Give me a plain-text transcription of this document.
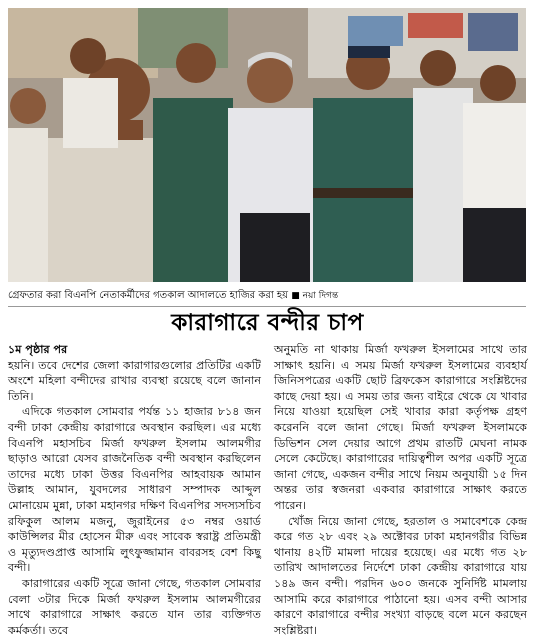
গ্রেফতার করা বিএনপি নেতাকর্মীদের গতকাল আদালতে হাজির করা হয় ■ নয়া দিগন্ত
কারাগারে বন্দীর চাপ

১ম পৃষ্ঠার পর

হয়নি। তবে দেশের জেলা কারাগারগুলোর প্রতিটির একটি অংশে মহিলা বন্দীদের রাখার ব্যবস্থা রয়েছে বলে জানান তিনি।

এদিকে গতকাল সোমবার পর্যন্ত ১১ হাজার ৮১৪ জন বন্দী ঢাকা কেন্দ্রীয় কারাগারে অবস্থান করছিল। এর মধ্যে বিএনপি মহাসচিব মির্জা ফখরুল ইসলাম আলমগীর ছাড়াও আরো যেসব রাজনৈতিক বন্দী অবস্থান করছিলেন তাদের মধ্যে ঢাকা উত্তর বিএনপির আহবায়ক আমান উল্লাহ আমান, যুবদলের সাধারণ সম্পাদক আব্দুল মোনায়েম মুন্না, ঢাকা মহানগর দক্ষিণ বিএনপির সদস্যসচিব রফিকুল আলম মজনু, জুরাইনের ৫৩ নম্বর ওয়ার্ড কাউন্সিলর মীর হোসেন মীরু এবং সাবেক স্বরাষ্ট্র প্রতিমন্ত্রী ও মৃত্যুদণ্ডপ্রাপ্ত আসামি লুৎফুজ্জামান বাবরসহ বেশ কিছু বন্দী।

কারাগারের একটি সূত্রে জানা গেছে, গতকাল সোমবার বেলা ৩টার দিকে মির্জা ফখরুল ইসলাম আলমগীরের সাথে কারাগারে সাক্ষাৎ করতে যান তার ব্যক্তিগত কর্মকর্তা। তবে

অনুমতি না থাকায় মির্জা ফখরুল ইসলামের সাথে তার সাক্ষাৎ হয়নি। এ সময় মির্জা ফখরুল ইসলামের ব্যবহার্য জিনিসপত্রের একটি ছোট ব্রিফকেস কারাগারে সংশ্লিষ্টদের কাছে দেয়া হয়। এ সময় তার জন্য বাইরে থেকে যে খাবার নিয়ে যাওয়া হয়েছিল সেই খাবার কারা কর্তৃপক্ষ গ্রহণ করেননি বলে জানা গেছে। মির্জা ফখরুল ইসলামকে ডিভিশন সেল দেয়ার আগে প্রথম রাতটি মেঘনা নামক সেলে কেটেছে। কারাগারের দায়িত্বশীল অপর একটি সূত্রে জানা গেছে, একজন বন্দীর সাথে নিয়ম অনুযায়ী ১৫ দিন অন্তর তার স্বজনরা একবার কারাগারে সাক্ষাৎ করতে পারেন।

খোঁজ নিয়ে জানা গেছে, হরতাল ও সমাবেশকে কেন্দ্র করে গত ২৮ এবং ২৯ অক্টোবর ঢাকা মহানগরীর বিভিন্ন থানায় ৪২টি মামলা দায়ের হয়েছে। এর মধ্যে গত ২৮ তারিখ আদালতের নির্দেশে ঢাকা কেন্দ্রীয় কারাগারে যায় ১৪৯ জন বন্দী। পরদিন ৬০০ জনকে সুনির্দিষ্ট মামলায় আসামি করে কারাগারে পাঠানো হয়। এসব বন্দী আসার কারণে কারাগারে বন্দীর সংখ্যা বাড়ছে বলে মনে করছেন সংশ্লিষ্টরা।
